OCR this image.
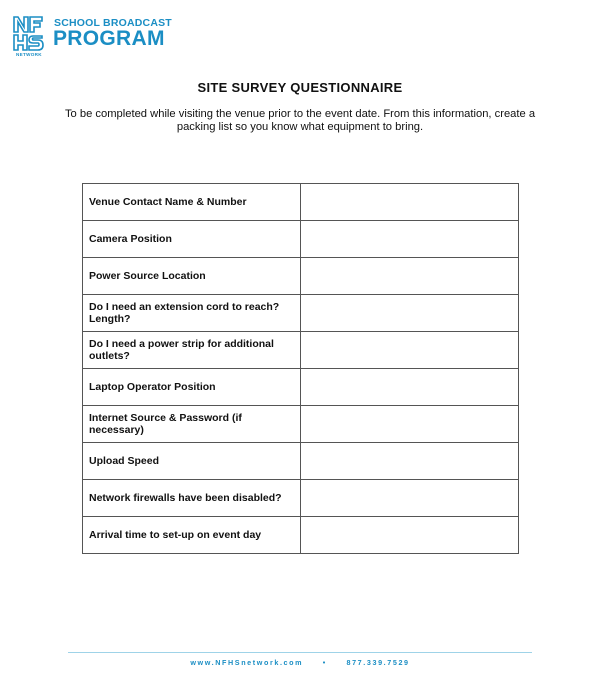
NETWORK
SCHOOL BROADCAST
PROGRAM
SITE SURVEY QUESTIONNAIRE

To be completed while visiting the venue prior to the event date. From this information, create a packing list so you know what equipment to bring.

Venue Contact Name & Number	
Camera Position	
Power Source Location	
Do I need an extension cord to reach? Length?	
Do I need a power strip for additional outlets?	
Laptop Operator Position	
Internet Source & Password (if necessary)	
Upload Speed	
Network firewalls have been disabled?	
Arrival time to set-up on event day	
www.NFHSnetwork.com	•	877.339.7529
